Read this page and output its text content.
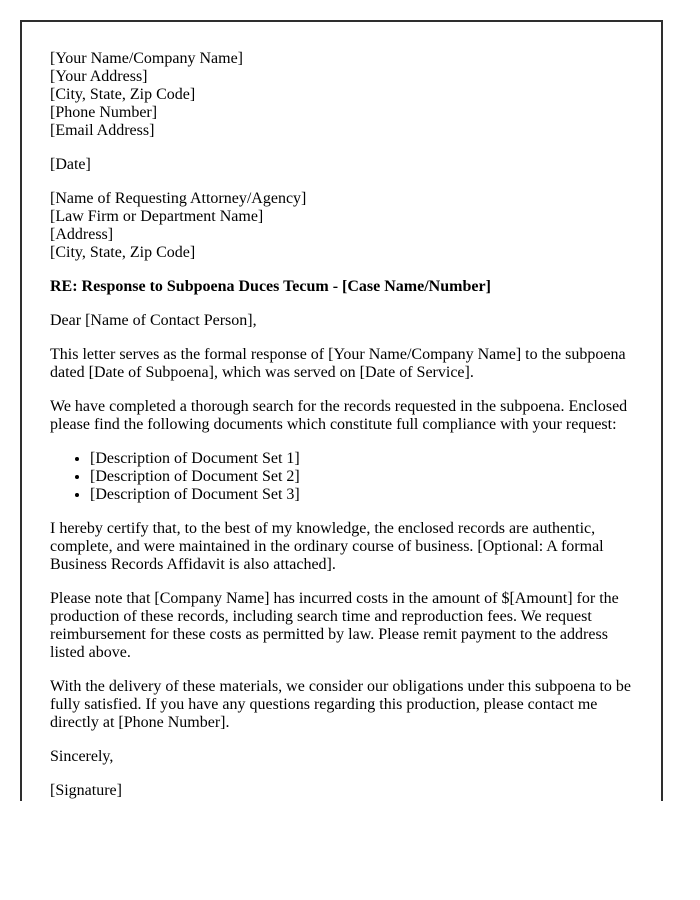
[Your Name/Company Name]
[Your Address]
[City, State, Zip Code]
[Phone Number]
[Email Address]

[Date]

[Name of Requesting Attorney/Agency]
[Law Firm or Department Name]
[Address]
[City, State, Zip Code]

RE: Response to Subpoena Duces Tecum - [Case Name/Number]

Dear [Name of Contact Person],

This letter serves as the formal response of [Your Name/Company Name] to the subpoena dated [Date of Subpoena], which was served on [Date of Service].

We have completed a thorough search for the records requested in the subpoena. Enclosed please find the following documents which constitute full compliance with your request:

• [Description of Document Set 1]
• [Description of Document Set 2]
• [Description of Document Set 3]

I hereby certify that, to the best of my knowledge, the enclosed records are authentic, complete, and were maintained in the ordinary course of business. [Optional: A formal Business Records Affidavit is also attached].

Please note that [Company Name] has incurred costs in the amount of $[Amount] for the production of these records, including search time and reproduction fees. We request reimbursement for these costs as permitted by law. Please remit payment to the address listed above.

With the delivery of these materials, we consider our obligations under this subpoena to be fully satisfied. If you have any questions regarding this production, please contact me directly at [Phone Number].

Sincerely,

[Signature]
